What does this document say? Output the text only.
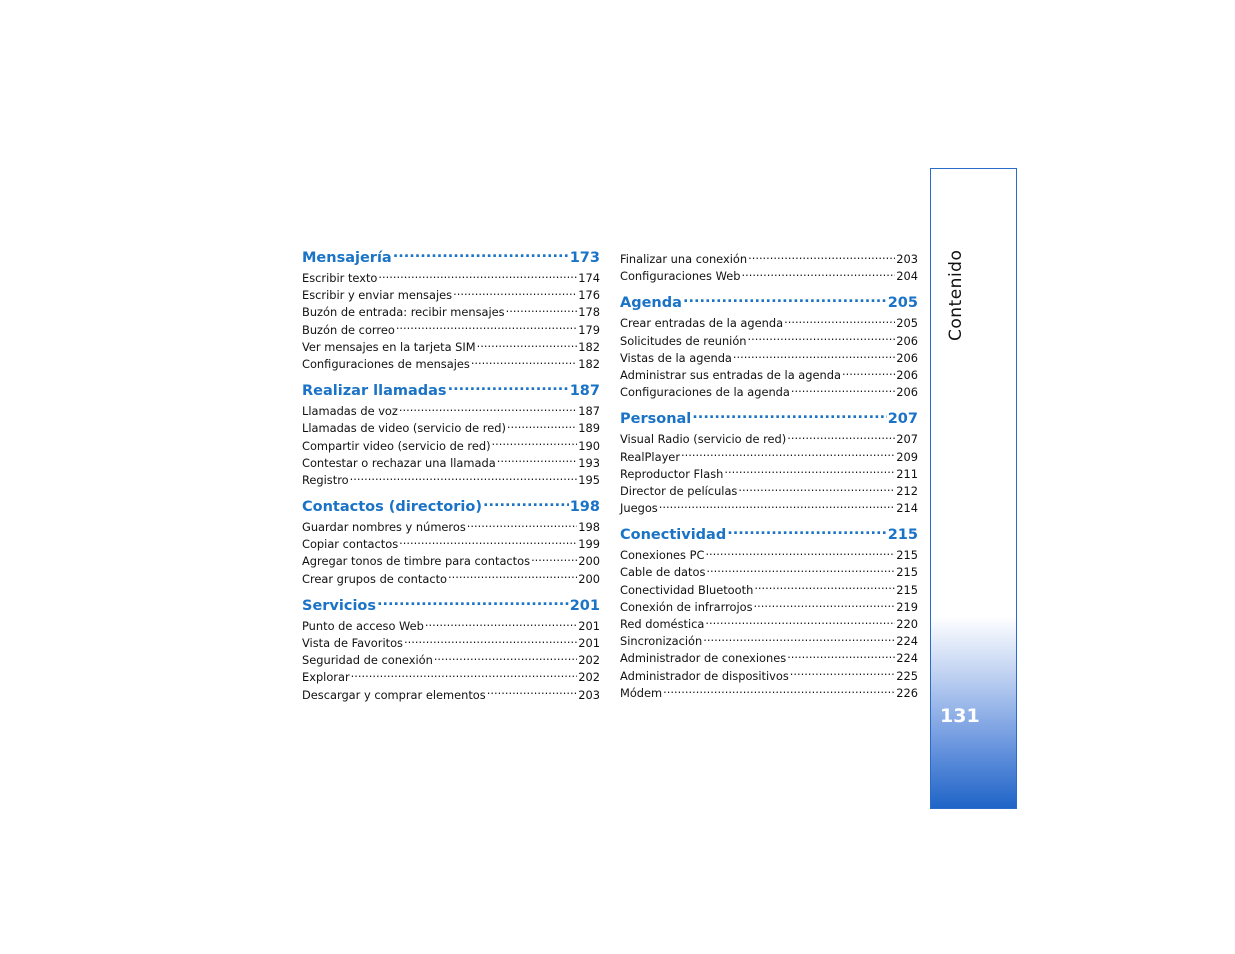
Mensajería .....	173
Escribir texto .....	174
Escribir y enviar mensajes .....	176
Buzón de entrada: recibir mensajes .....	178
Buzón de correo .....	179
Ver mensajes en la tarjeta SIM .....	182
Configuraciones de mensajes .....	182
Realizar llamadas .....	187
Llamadas de voz .....	187
Llamadas de video (servicio de red) .....	189
Compartir video (servicio de red) .....	190
Contestar o rechazar una llamada .....	193
Registro .....	195
Contactos (directorio) .....	198
Guardar nombres y números .....	198
Copiar contactos .....	199
Agregar tonos de timbre para contactos .....	200
Crear grupos de contacto .....	200
Servicios .....	201
Punto de acceso Web .....	201
Vista de Favoritos .....	201
Seguridad de conexión .....	202
Explorar .....	202
Descargar y comprar elementos .....	203
Finalizar una conexión .....	203
Configuraciones Web .....	204
Agenda .....	205
Crear entradas de la agenda .....	205
Solicitudes de reunión .....	206
Vistas de la agenda .....	206
Administrar sus entradas de la agenda .....	206
Configuraciones de la agenda .....	206
Personal .....	207
Visual Radio (servicio de red) .....	207
RealPlayer .....	209
Reproductor Flash .....	211
Director de películas .....	212
Juegos .....	214
Conectividad .....	215
Conexiones PC .....	215
Cable de datos .....	215
Conectividad Bluetooth .....	215
Conexión de infrarrojos .....	219
Red doméstica .....	220
Sincronización .....	224
Administrador de conexiones .....	224
Administrador de dispositivos .....	225
Módem .....	226
Contenido
131
